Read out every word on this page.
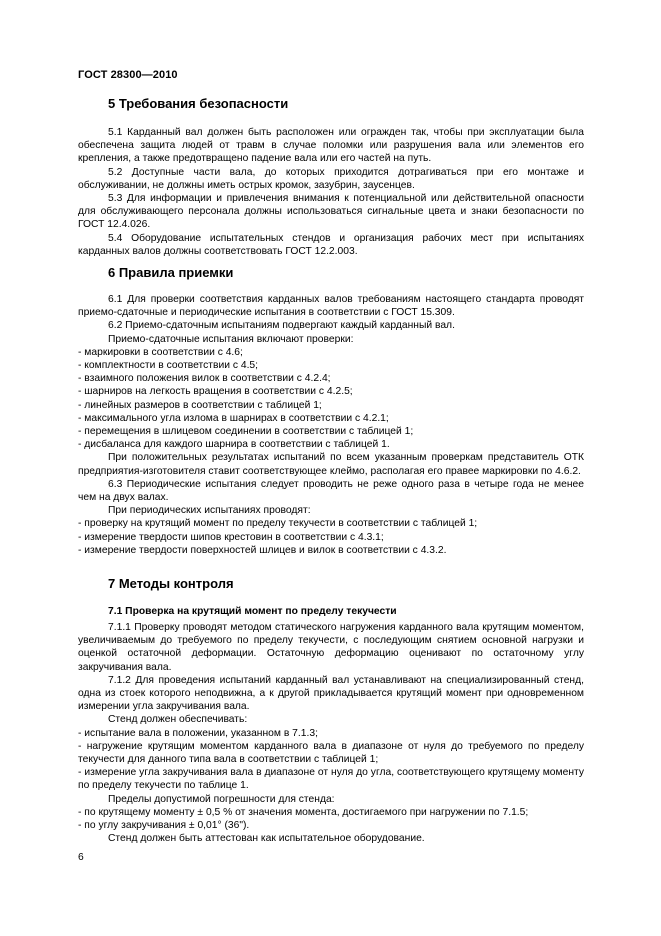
ГОСТ 28300—2010
5 Требования безопасности

5.1 Карданный вал должен быть расположен или огражден так, чтобы при эксплуатации была обеспечена защита людей от травм в случае поломки или разрушения вала или элементов его крепления, а также предотвращено падение вала или его частей на путь.

5.2 Доступные части вала, до которых приходится дотрагиваться при его монтаже и обслуживании, не должны иметь острых кромок, зазубрин, заусенцев.

5.3 Для информации и привлечения внимания к потенциальной или действительной опасности для обслуживающего персонала должны использоваться сигнальные цвета и знаки безопасности по ГОСТ 12.4.026.

5.4 Оборудование испытательных стендов и организация рабочих мест при испытаниях карданных валов должны соответствовать ГОСТ 12.2.003.

6 Правила приемки

6.1 Для проверки соответствия карданных валов требованиям настоящего стандарта проводят приемо-сдаточные и периодические испытания в соответствии с ГОСТ 15.309.

6.2 Приемо-сдаточным испытаниям подвергают каждый карданный вал.

Приемо-сдаточные испытания включают проверки:

- маркировки в соответствии с 4.6;

- комплектности в соответствии с 4.5;

- взаимного положения вилок в соответствии с 4.2.4;

- шарниров на легкость вращения в соответствии с 4.2.5;

- линейных размеров в соответствии с таблицей 1;

- максимального угла излома в шарнирах в соответствии с 4.2.1;

- перемещения в шлицевом соединении в соответствии с таблицей 1;

- дисбаланса для каждого шарнира в соответствии с таблицей 1.

При положительных результатах испытаний по всем указанным проверкам представитель ОТК предприятия-изготовителя ставит соответствующее клеймо, располагая его правее маркировки по 4.6.2.

6.3 Периодические испытания следует проводить не реже одного раза в четыре года не менее чем на двух валах.

При периодических испытаниях проводят:

- проверку на крутящий момент по пределу текучести в соответствии с таблицей 1;

- измерение твердости шипов крестовин в соответствии с 4.3.1;

- измерение твердости поверхностей шлицев и вилок в соответствии с 4.3.2.

7 Методы контроля
7.1 Проверка на крутящий момент по пределу текучести

7.1.1 Проверку проводят методом статического нагружения карданного вала крутящим моментом, увеличиваемым до требуемого по пределу текучести, с последующим снятием основной нагрузки и оценкой остаточной деформации. Остаточную деформацию оценивают по остаточному углу закручивания вала.

7.1.2 Для проведения испытаний карданный вал устанавливают на специализированный стенд, одна из стоек которого неподвижна, а к другой прикладывается крутящий момент при одновременном измерении угла закручивания вала.

Стенд должен обеспечивать:

- испытание вала в положении, указанном в 7.1.3;

- нагружение крутящим моментом карданного вала в диапазоне от нуля до требуемого по пределу текучести для данного типа вала в соответствии с таблицей 1;

- измерение угла закручивания вала в диапазоне от нуля до угла, соответствующего крутящему моменту по пределу текучести по таблице 1.

Пределы допустимой погрешности для стенда:

- по крутящему моменту ± 0,5 % от значения момента, достигаемого при нагружении по 7.1.5;

- по углу закручивания ± 0,01° (36").

Стенд должен быть аттестован как испытательное оборудование.

6
